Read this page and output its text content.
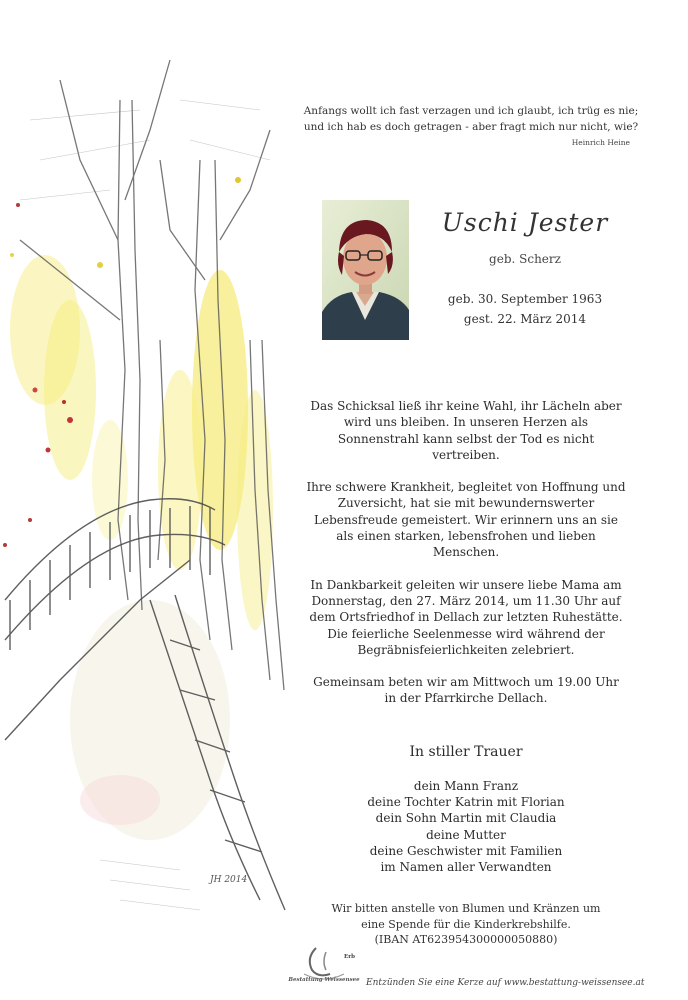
JH 2014
Anfangs wollt ich fast verzagen und ich glaubt, ich trüg es nie;
und ich hab es doch getragen - aber fragt mich nur nicht, wie?
Heinrich Heine
Uschi Jester
geb. Scherz
geb. 30. September 1963
gest. 22. März 2014

Das Schicksal ließ ihr keine Wahl, ihr Lächeln aber wird uns bleiben. In unseren Herzen als Sonnenstrahl kann selbst der Tod es nicht vertreiben.

Ihre schwere Krankheit, begleitet von Hoffnung und Zuversicht, hat sie mit bewundernswerter Lebensfreude gemeistert. Wir erinnern uns an sie als einen starken, lebensfrohen und lieben Menschen.

In Dankbarkeit geleiten wir unsere liebe Mama am Donnerstag, den 27. März 2014, um 11.30 Uhr auf dem Ortsfriedhof in Dellach zur letzten Ruhestätte. Die feierliche Seelenmesse wird während der Begräbnisfeierlichkeiten zelebriert.

Gemeinsam beten wir am Mittwoch um 19.00 Uhr in der Pfarrkirche Dellach.

In stiller Trauer
dein Mann Franz
deine Tochter Katrin mit Florian
dein Sohn Martin mit Claudia
deine Mutter
deine Geschwister mit Familien
im Namen aller Verwandten
Wir bitten anstelle von Blumen und Kränzen um
eine Spende für die Kinderkrebshilfe.
(IBAN AT623954300000050880)
Erb
Bestattung Weissensee Entzünden Sie eine Kerze auf www.bestattung-weissensee.at
